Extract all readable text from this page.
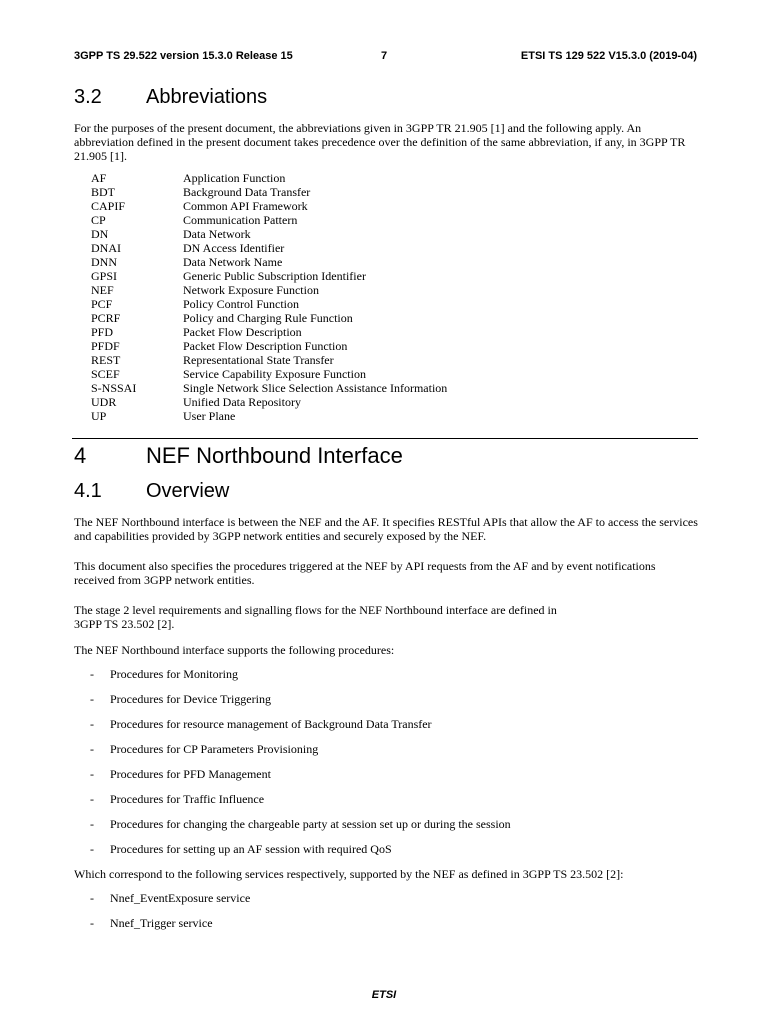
3GPP TS 29.522 version 15.3.0 Release 15	7	ETSI TS 129 522 V15.3.0 (2019-04)
3.2 Abbreviations

For the purposes of the present document, the abbreviations given in 3GPP TR 21.905 [1] and the following apply. An abbreviation defined in the present document takes precedence over the definition of the same abbreviation, if any, in 3GPP TR 21.905 [1].

AF	Application Function
BDT	Background Data Transfer
CAPIF	Common API Framework
CP	Communication Pattern
DN	Data Network
DNAI	DN Access Identifier
DNN	Data Network Name
GPSI	Generic Public Subscription Identifier
NEF	Network Exposure Function
PCF	Policy Control Function
PCRF	Policy and Charging Rule Function
PFD	Packet Flow Description
PFDF	Packet Flow Description Function
REST	Representational State Transfer
SCEF	Service Capability Exposure Function
S-NSSAI	Single Network Slice Selection Assistance Information
UDR	Unified Data Repository
UP	User Plane
4	NEF Northbound Interface
4.1 Overview

The NEF Northbound interface is between the NEF and the AF. It specifies RESTful APIs that allow the AF to access the services and capabilities provided by 3GPP network entities and securely exposed by the NEF.

This document also specifies the procedures triggered at the NEF by API requests from the AF and by event notifications received from 3GPP network entities.

The stage 2 level requirements and signalling flows for the NEF Northbound interface are defined in
3GPP TS 23.502 [2].

The NEF Northbound interface supports the following procedures:

- Procedures for Monitoring
- Procedures for Device Triggering
- Procedures for resource management of Background Data Transfer
- Procedures for CP Parameters Provisioning
- Procedures for PFD Management
- Procedures for Traffic Influence
- Procedures for changing the chargeable party at session set up or during the session
- Procedures for setting up an AF session with required QoS

Which correspond to the following services respectively, supported by the NEF as defined in 3GPP TS 23.502 [2]:

- Nnef_EventExposure service
- Nnef_Trigger service
ETSI
